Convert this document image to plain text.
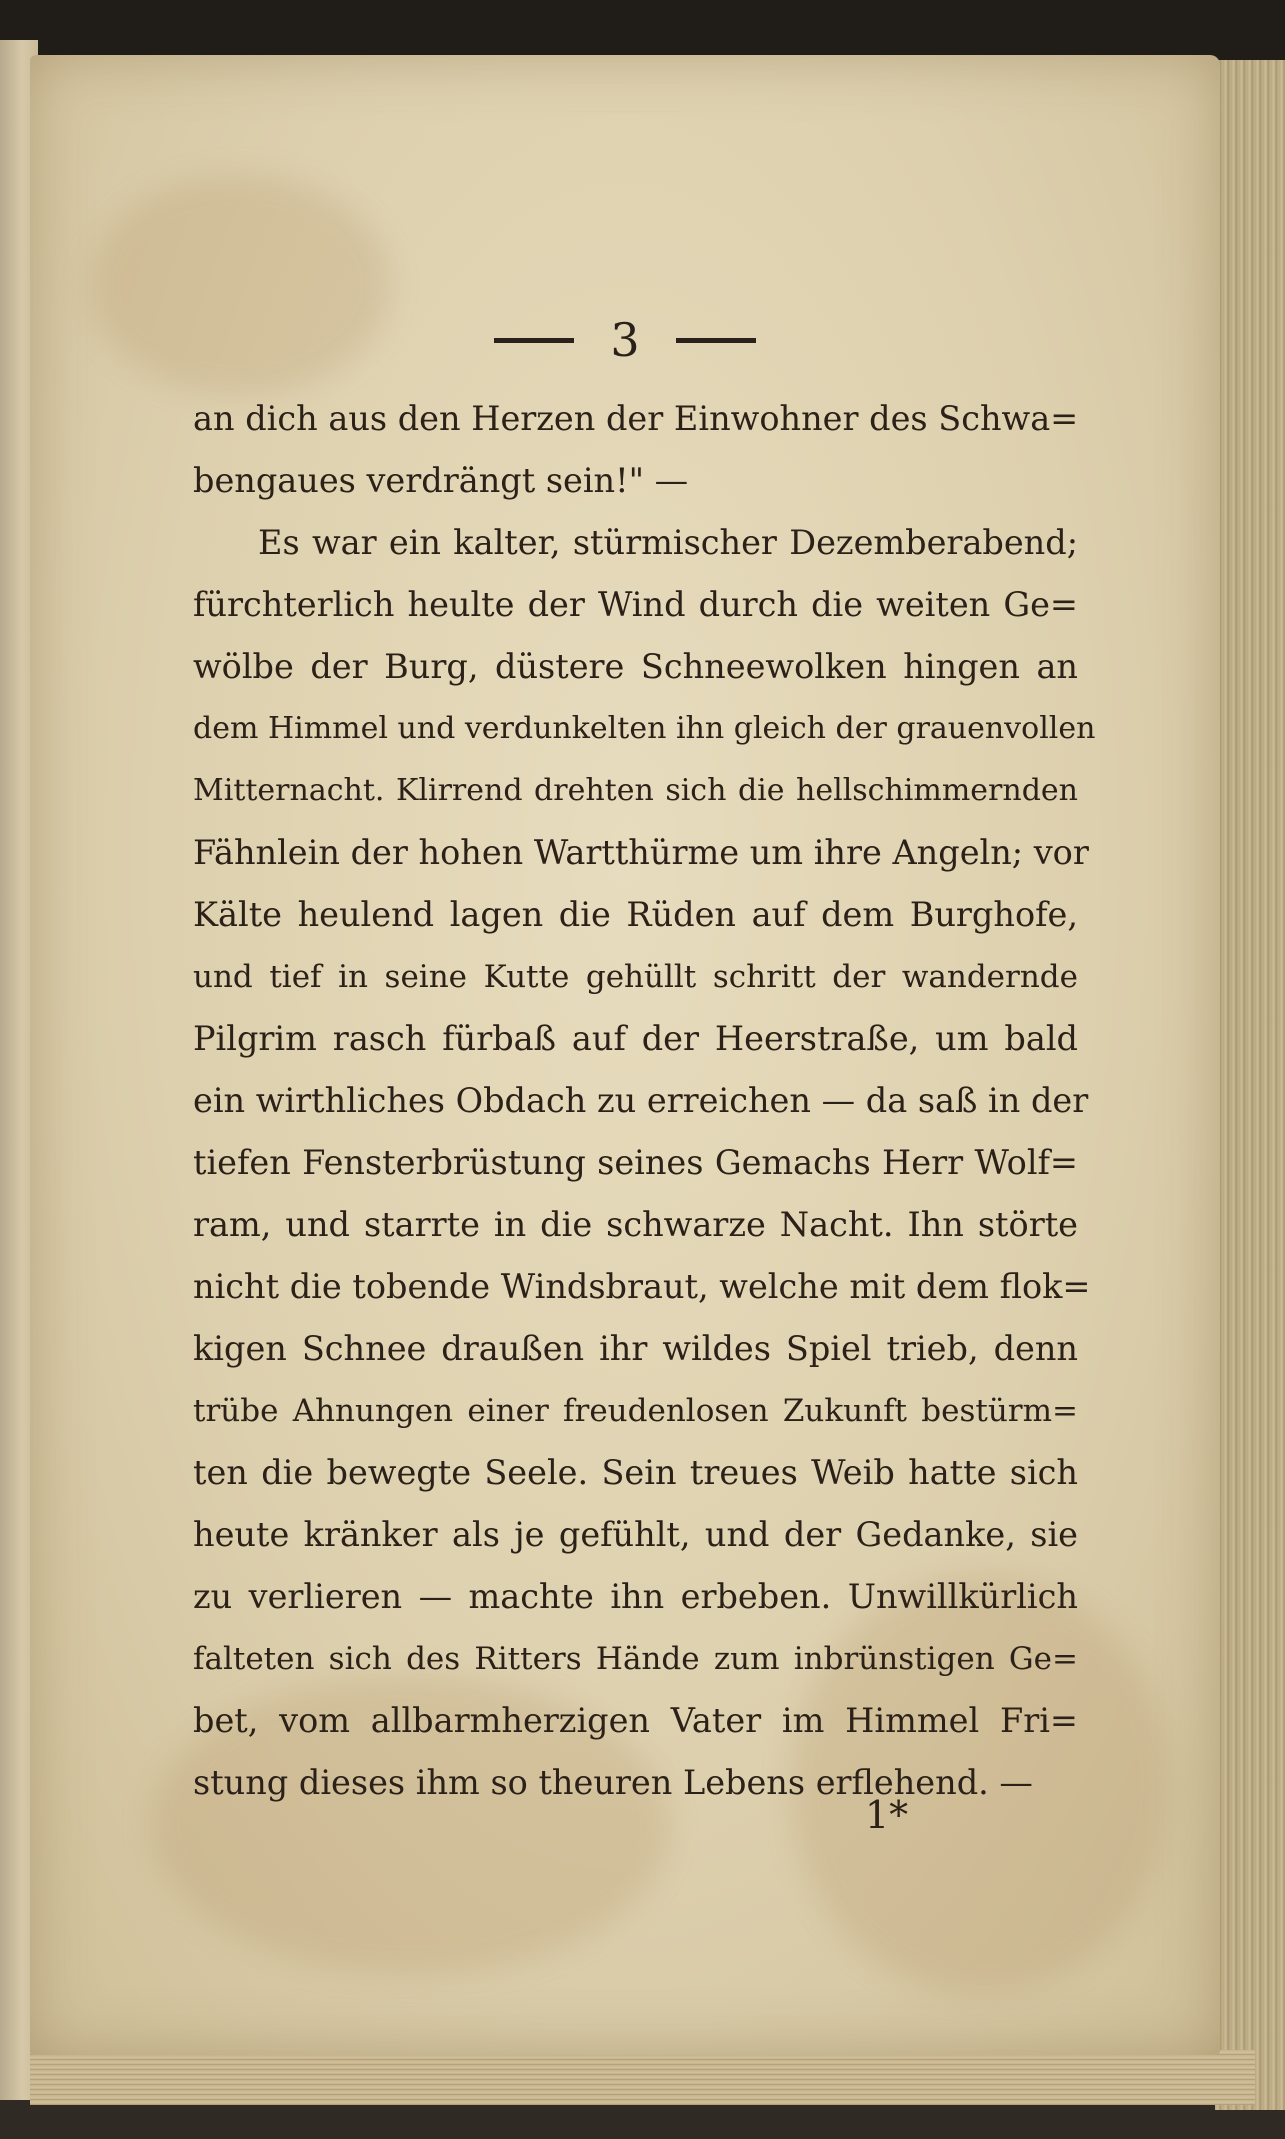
3
an dich aus den Herzen der Einwohner des Schwa=
bengaues verdrängt sein!" —
Es war ein kalter, stürmischer Dezemberabend;
fürchterlich heulte der Wind durch die weiten Ge=
wölbe der Burg, düstere Schneewolken hingen an
dem Himmel und verdunkelten ihn gleich der grauenvollen
Mitternacht. Klirrend drehten sich die hellschimmernden
Fähnlein der hohen Wartthürme um ihre Angeln; vor
Kälte heulend lagen die Rüden auf dem Burghofe,
und tief in seine Kutte gehüllt schritt der wandernde
Pilgrim rasch fürbaß auf der Heerstraße, um bald
ein wirthliches Obdach zu erreichen — da saß in der
tiefen Fensterbrüstung seines Gemachs Herr Wolf=
ram, und starrte in die schwarze Nacht. Ihn störte
nicht die tobende Windsbraut, welche mit dem flok=
kigen Schnee draußen ihr wildes Spiel trieb, denn
trübe Ahnungen einer freudenlosen Zukunft bestürm=
ten die bewegte Seele. Sein treues Weib hatte sich
heute kränker als je gefühlt, und der Gedanke, sie
zu verlieren — machte ihn erbeben. Unwillkürlich
falteten sich des Ritters Hände zum inbrünstigen Ge=
bet, vom allbarmherzigen Vater im Himmel Fri=
stung dieses ihm so theuren Lebens erflehend. —
1*
